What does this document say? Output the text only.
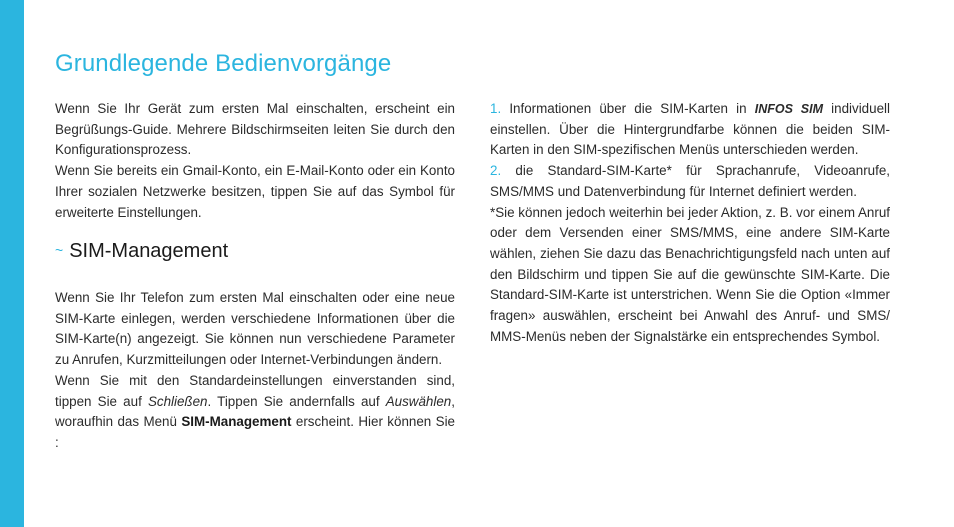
Grundlegende Bedienvorgänge

Wenn Sie Ihr Gerät zum ersten Mal einschalten, erscheint ein Begrüßungs-Guide. Mehrere Bildschirmseiten leiten Sie durch den Konfigurationsprozess.

Wenn Sie bereits ein Gmail-Konto, ein E-Mail-Konto oder ein Konto Ihrer sozialen Netzwerke besitzen, tippen Sie auf das Symbol für erweiterte Einstellungen.

~ SIM-Management

Wenn Sie Ihr Telefon zum ersten Mal einschalten oder eine neue SIM-Karte einlegen, werden verschiedene Informationen über die SIM-Karte(n) angezeigt. Sie können nun verschiedene Parameter zu Anrufen, Kurzmitteilungen oder Internet-Verbindungen ändern.

Wenn Sie mit den Standardeinstellungen einverstanden sind, tippen Sie auf Schließen. Tippen Sie andernfalls auf Auswählen, woraufhin das Menü SIM-Management erscheint. Hier können Sie :

1. Informationen über die SIM-Karten in INFOS SIM individuell einstellen. Über die Hintergrundfarbe können die beiden SIM-Karten in den SIM-spezifischen Menüs unterschieden werden.

2. die Standard-SIM-Karte* für Sprachanrufe, Videoanrufe, SMS/MMS und Datenverbindung für Internet definiert werden.

*Sie können jedoch weiterhin bei jeder Aktion, z. B. vor einem Anruf oder dem Versenden einer SMS/MMS, eine andere SIM-Karte wählen, ziehen Sie dazu das Benachrichtigungsfeld nach unten auf den Bildschirm und tippen Sie auf die gewünschte SIM-Karte. Die Standard-SIM-Karte ist unterstrichen. Wenn Sie die Option «Immer fragen» auswählen, erscheint bei Anwahl des Anruf- und SMS/ MMS-Menüs neben der Signalstärke ein entsprechendes Symbol.
